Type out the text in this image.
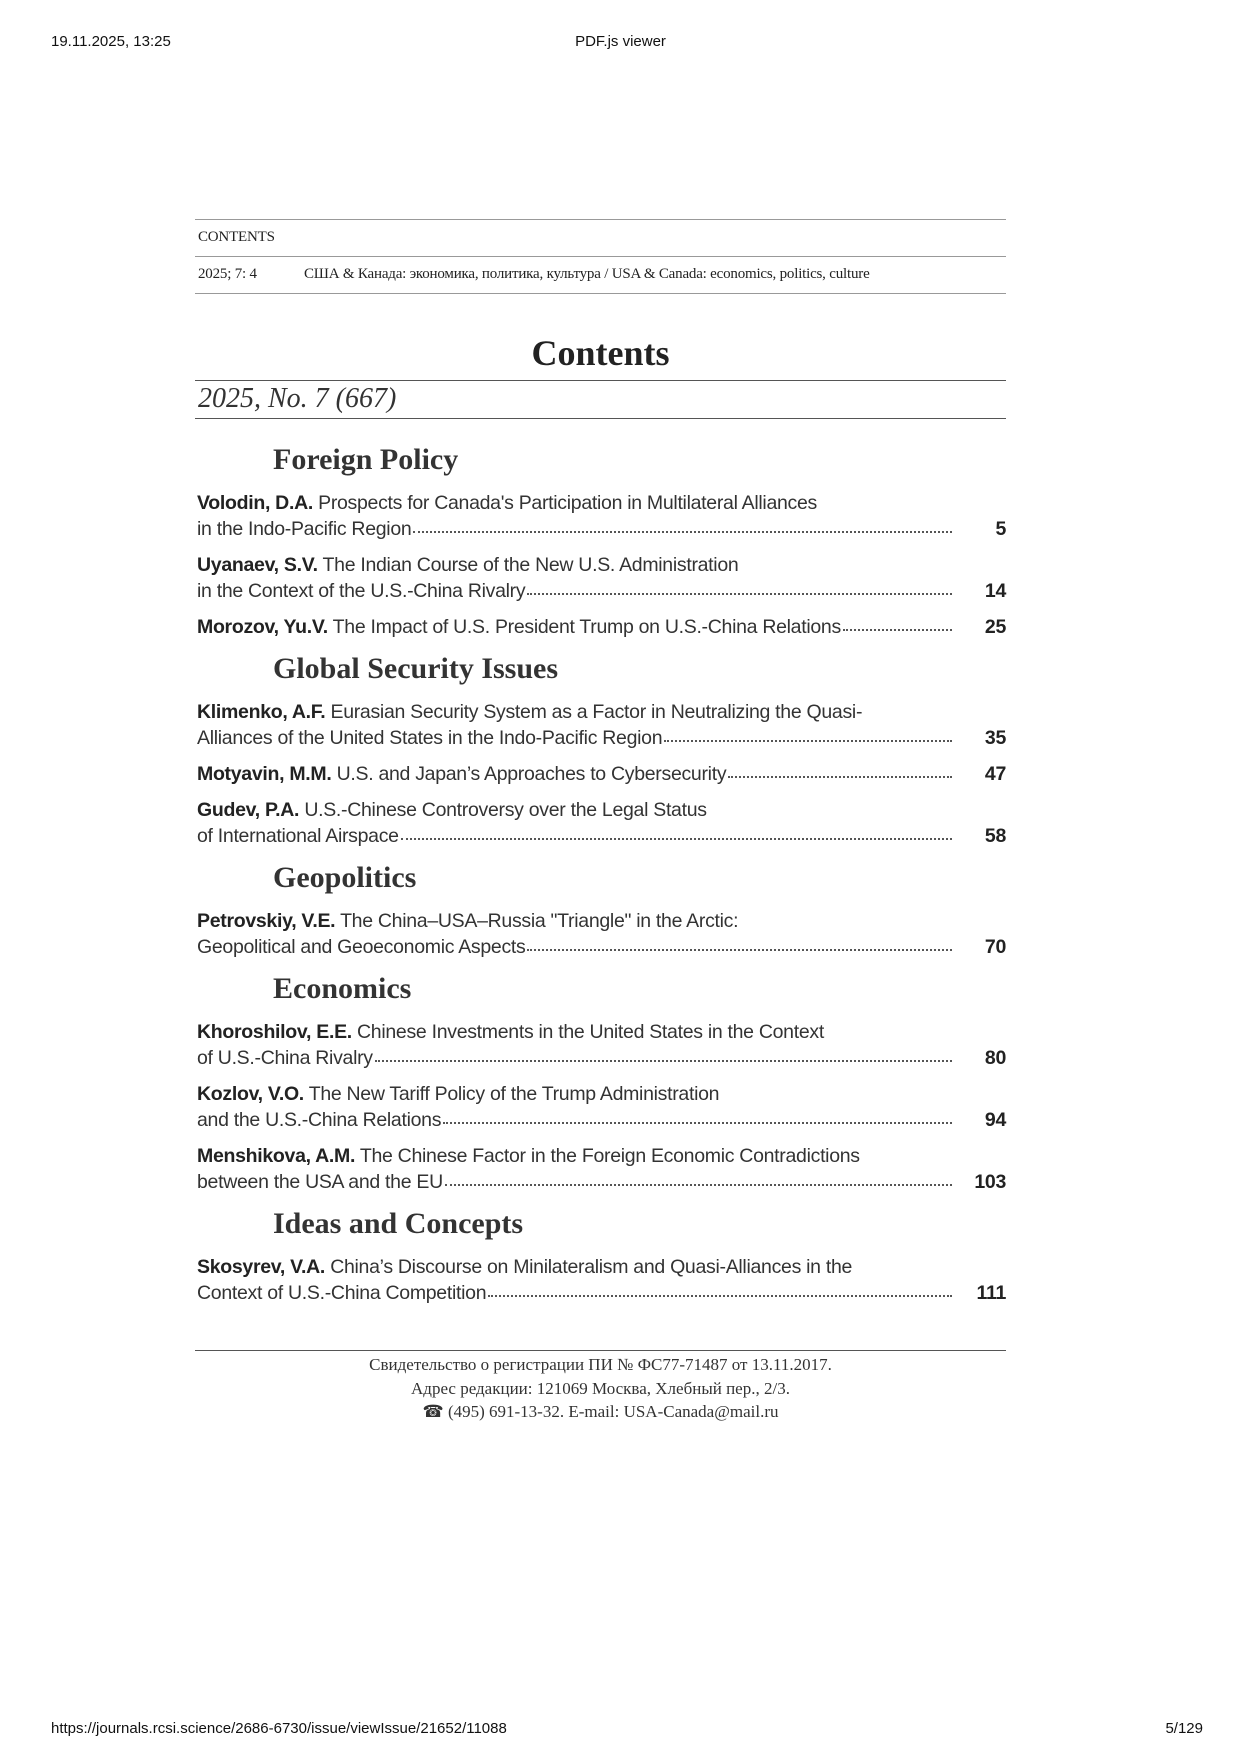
19.11.2025, 13:25	PDF.js viewer
CONTENTS
2025; 7: 4	США & Канада: экономика, политика, культура / USA & Canada: economics, politics, culture
Contents
2025, No. 7 (667)
Foreign Policy
Volodin, D.A. Prospects for Canada's Participation in Multilateral Alliances
in the Indo-Pacific Region	5
Uyanaev, S.V. The Indian Course of the New U.S. Administration
in the Context of the U.S.-China Rivalry	14
Morozov, Yu.V. The Impact of U.S. President Trump on U.S.-China Relations	25
Global Security Issues
Klimenko, A.F. Eurasian Security System as a Factor in Neutralizing the Quasi-
Alliances of the United States in the Indo-Pacific Region	35
Motyavin, M.M. U.S. and Japan’s Approaches to Cybersecurity	47
Gudev, P.A. U.S.-Chinese Controversy over the Legal Status
of International Airspace	58
Geopolitics
Petrovskiy, V.E. The China–USA–Russia "Triangle" in the Arctic:
Geopolitical and Geoeconomic Aspects	70
Economics
Khoroshilov, E.E. Chinese Investments in the United States in the Context
of U.S.-China Rivalry	80
Kozlov, V.O. The New Tariff Policy of the Trump Administration
and the U.S.-China Relations	94
Menshikova, A.M. The Chinese Factor in the Foreign Economic Contradictions
between the USA and the EU	103
Ideas and Concepts
Skosyrev, V.A. China’s Discourse on Minilateralism and Quasi-Alliances in the
Context of U.S.-China Competition	111
Свидетельство о регистрации ПИ № ФС77-71487 от 13.11.2017.
Адрес редакции: 121069 Москва, Хлебный пер., 2/3.
☎ (495) 691-13-32. E-mail: USA-Canada@mail.ru
https://journals.rcsi.science/2686-6730/issue/viewIssue/21652/11088	5/129
